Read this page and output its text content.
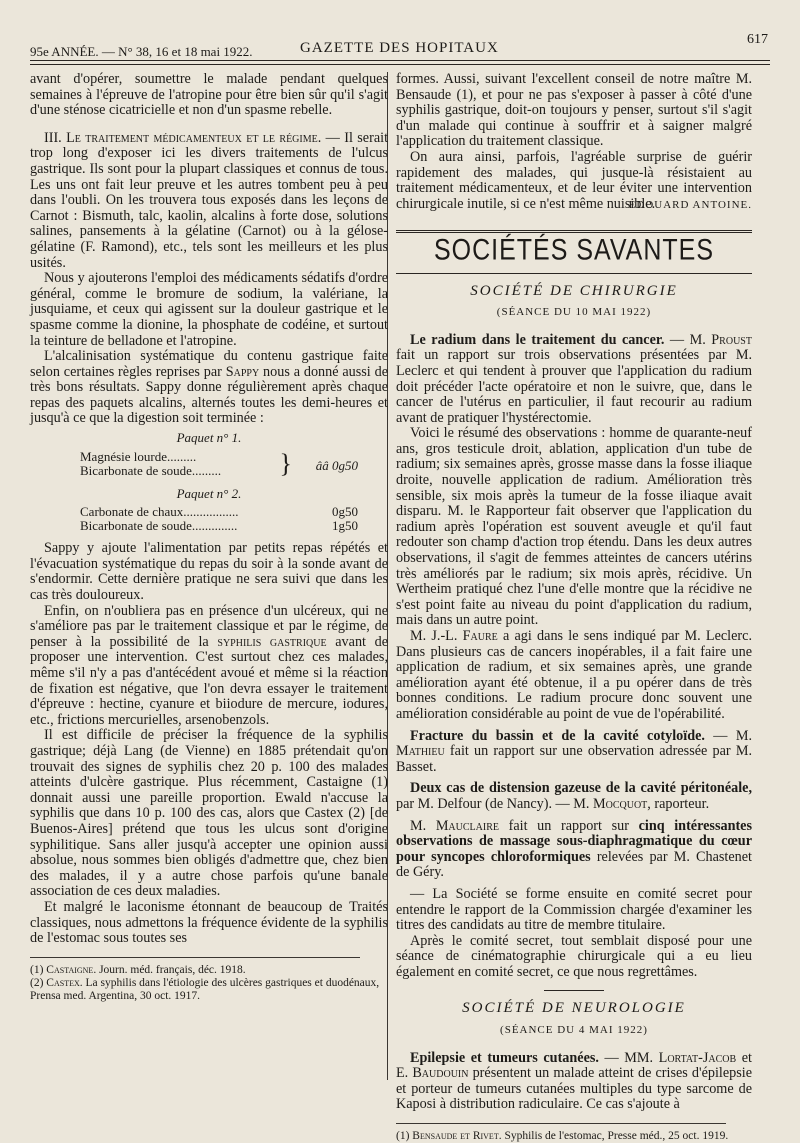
95e ANNÉE. — N° 38, 16 et 18 mai 1922.	GAZETTE DES HOPITAUX
617

avant d'opérer, soumettre le malade pendant quelques semaines à l'épreuve de l'atropine pour être bien sûr qu'il s'agit d'une sténose cicatricielle et non d'un spasme rebelle.

III. Le traitement médicamenteux et le régime. — Il serait trop long d'exposer ici les divers traitements de l'ulcus gastrique. Ils sont pour la plupart classiques et connus de tous. Les uns ont fait leur preuve et les autres tombent peu à peu dans l'oubli. On les trouvera tous exposés dans les leçons de Carnot : Bismuth, talc, kaolin, alcalins à forte dose, solutions salines, pansements à la gélatine (Carnot) ou à la gélose-gélatine (F. Ramond), etc., tels sont les meilleurs et les plus usités.

Nous y ajouterons l'emploi des médicaments sédatifs d'ordre général, comme le bromure de sodium, la valériane, la jusquiame, et ceux qui agissent sur la douleur gastrique et le spasme comme la dionine, la phosphate de codéine, et surtout la teinture de belladone et l'atropine.

L'alcalinisation systématique du contenu gastrique faite selon certaines règles reprises par Sappy nous a donné aussi de très bons résultats. Sappy donne régulièrement après chaque repas des paquets alcalins, alternés toutes les demi-heures et jusqu'à ce que la digestion soit terminée :

Paquet n° 1.
Magnésie lourde.........
Bicarbonate de soude......... } ââ 0g50
Paquet n° 2.
Carbonate de chaux.................	0g50
Bicarbonate de soude..............	1g50

Sappy y ajoute l'alimentation par petits repas répétés et l'évacuation systématique du repas du soir à la sonde avant de s'endormir. Cette dernière pratique ne sera suivi que dans les cas très douloureux.

Enfin, on n'oubliera pas en présence d'un ulcéreux, qui ne s'améliore pas par le traitement classique et par le régime, de penser à la possibilité de la syphilis gastrique avant de proposer une intervention. C'est surtout chez ces malades, même s'il n'y a pas d'antécédent avoué et même si la réaction de fixation est négative, que l'on devra essayer le traitement d'épreuve : hectine, cyanure et biiodure de mercure, iodures, etc., frictions mercurielles, arsenobenzols.

Il est difficile de préciser la fréquence de la syphilis gastrique; déjà Lang (de Vienne) en 1885 prétendait qu'on trouvait des signes de syphilis chez 20 p. 100 des malades atteints d'ulcère gastrique. Plus récemment, Castaigne (1) donnait aussi une pareille proportion. Ewald n'accuse la syphilis que dans 10 p. 100 des cas, alors que Castex (2) [de Buenos-Aires] prétend que tous les ulcus sont d'origine syphilitique. Sans aller jusqu'à accepter une opinion aussi absolue, nous sommes bien obligés d'admettre que, chez bien des malades, il y a autre chose parfois qu'une banale association de ces deux maladies.

Et malgré le laconisme étonnant de beaucoup de Traités classiques, nous admettons la fréquence évidente de la syphilis de l'estomac sous toutes ses

(1) Castaigne. Journ. méd. français, déc. 1918.

(2) Castex. La syphilis dans l'étiologie des ulcères gastriques et duodénaux, Prensa med. Argentina, 30 oct. 1917.

formes. Aussi, suivant l'excellent conseil de notre maître M. Bensaude (1), et pour ne pas s'exposer à passer à côté d'une syphilis gastrique, doit-on toujours y penser, surtout s'il s'agit d'un malade qui continue à souffrir et à saigner malgré l'application du traitement classique.

On aura ainsi, parfois, l'agréable surprise de guérir rapidement des malades, qui jusque-là résistaient au traitement médicamenteux, et de leur éviter une intervention chirurgicale inutile, si ce n'est même nuisible.

EDOUARD ANTOINE.
SOCIÉTÉS SAVANTES
SOCIÉTÉ DE CHIRURGIE
(SÉANCE DU 10 MAI 1922)

Le radium dans le traitement du cancer. — M. Proust fait un rapport sur trois observations présentées par M. Leclerc et qui tendent à prouver que l'application du radium doit précéder l'acte opératoire et non le suivre, que, dans le cancer de l'utérus en particulier, il faut recourir au radium avant de pratiquer l'hystérectomie.

Voici le résumé des observations : homme de quarante-neuf ans, gros testicule droit, ablation, application d'un tube de radium; six semaines après, grosse masse dans la fosse iliaque droite, nouvelle application de radium. Amélioration très sensible, six mois après la tumeur de la fosse iliaque avait disparu. M. le Rapporteur fait observer que l'application du radium après l'opération est souvent aveugle et qu'il faut redouter son champ d'action trop étendu. Dans les deux autres observations, il s'agit de femmes atteintes de cancers utérins très améliorés par le radium; six mois après, récidive. Un Wertheim pratiqué chez l'une d'elle montre que la récidive ne s'est point faite au niveau du point d'application du radium, mais dans un autre point.

M. J.-L. Faure a agi dans le sens indiqué par M. Leclerc. Dans plusieurs cas de cancers inopérables, il a fait faire une application de radium, et six semaines après, une grande amélioration ayant été obtenue, il a pu opérer dans de très bonnes conditions. Le radium procure donc souvent une amélioration considérable au point de vue de l'opérabilité.

Fracture du bassin et de la cavité cotyloïde. — M. Mathieu fait un rapport sur une observation adressée par M. Basset.

Deux cas de distension gazeuse de la cavité péritonéale, par M. Delfour (de Nancy). — M. Mocquot, raporteur.

M. Mauclaire fait un rapport sur cinq intéressantes observations de massage sous-diaphragmatique du cœur pour syncopes chloroformiques relevées par M. Chastenet de Géry.

— La Société se forme ensuite en comité secret pour entendre le rapport de la Commission chargée d'examiner les titres des candidats au titre de membre titulaire.

Après le comité secret, tout semblait disposé pour une séance de cinématographie chirurgicale qui a eu lieu également en comité secret, ce que nous regrettâmes.

SOCIÉTÉ DE NEUROLOGIE
(SÉANCE DU 4 MAI 1922)

Epilepsie et tumeurs cutanées. — MM. Lortat-Jacob et E. Baudouin présentent un malade atteint de crises d'épilepsie et porteur de tumeurs cutanées multiples du type sarcome de Kaposi à distribution radiculaire. Ce cas s'ajoute à

(1) Bensaude et Rivet. Syphilis de l'estomac, Presse méd., 25 oct. 1919.
